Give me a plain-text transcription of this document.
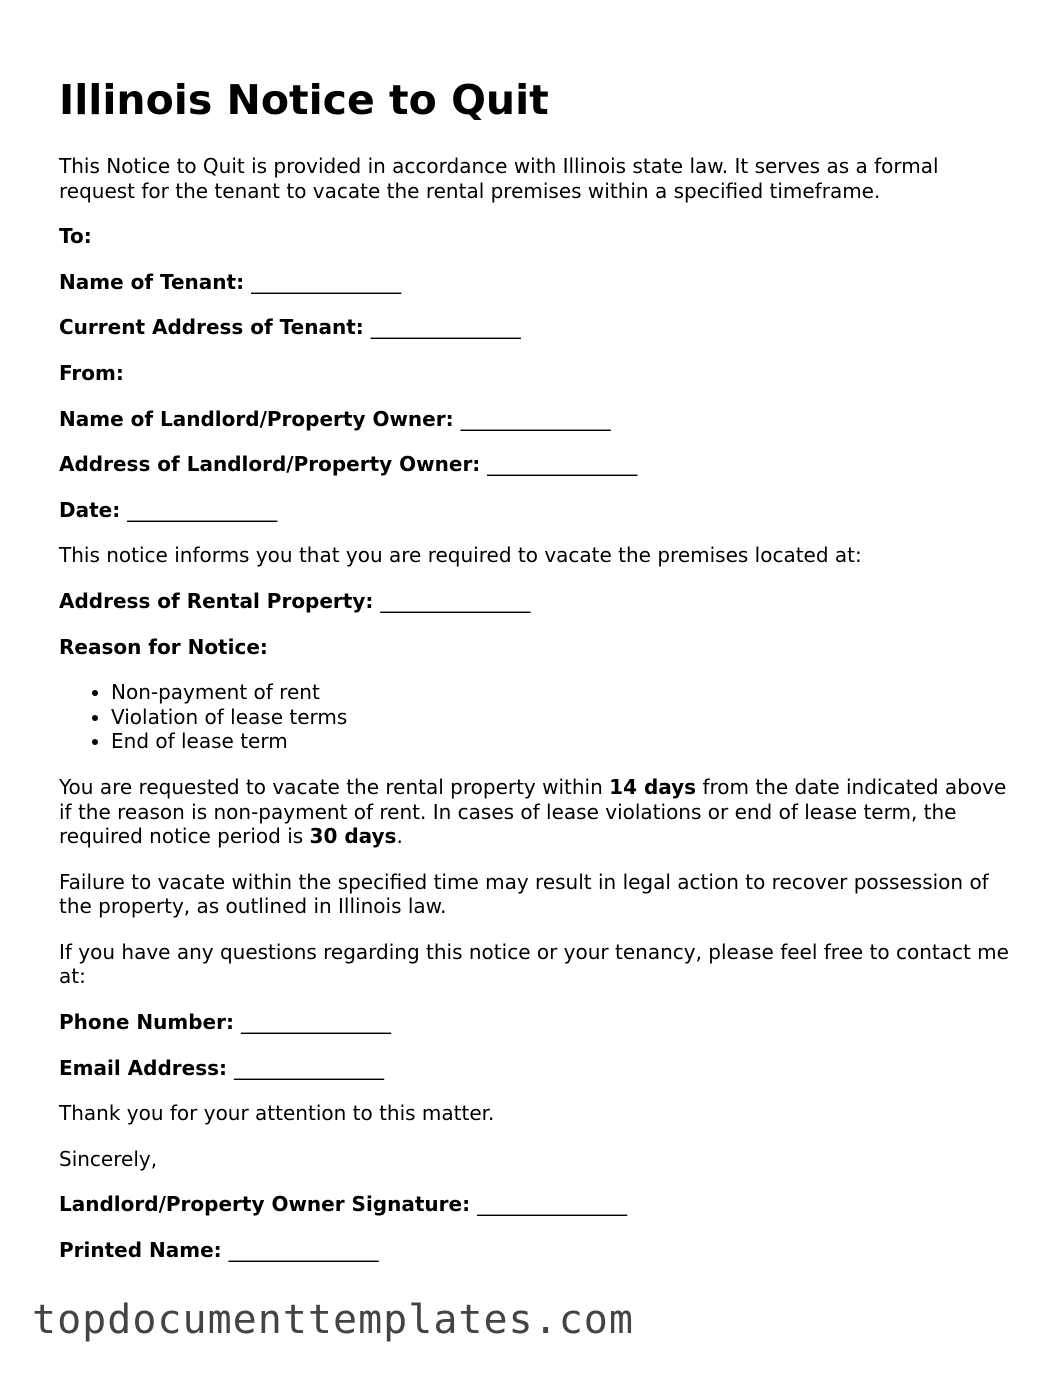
Illinois Notice to Quit

This Notice to Quit is provided in accordance with Illinois state law. It serves as a formal request for the tenant to vacate the rental premises within a specified timeframe.

To:

Name of Tenant: _______________

Current Address of Tenant: _______________

From:

Name of Landlord/Property Owner: _______________

Address of Landlord/Property Owner: _______________

Date: _______________

This notice informs you that you are required to vacate the premises located at:

Address of Rental Property: _______________

Reason for Notice:

• Non-payment of rent
• Violation of lease terms
• End of lease term

You are requested to vacate the rental property within 14 days from the date indicated above if the reason is non-payment of rent. In cases of lease violations or end of lease term, the required notice period is 30 days.

Failure to vacate within the specified time may result in legal action to recover possession of the property, as outlined in Illinois law.

If you have any questions regarding this notice or your tenancy, please feel free to contact me at:

Phone Number: _______________

Email Address: _______________

Thank you for your attention to this matter.

Sincerely,

Landlord/Property Owner Signature: _______________

Printed Name: _______________

topdocumenttemplates.com
